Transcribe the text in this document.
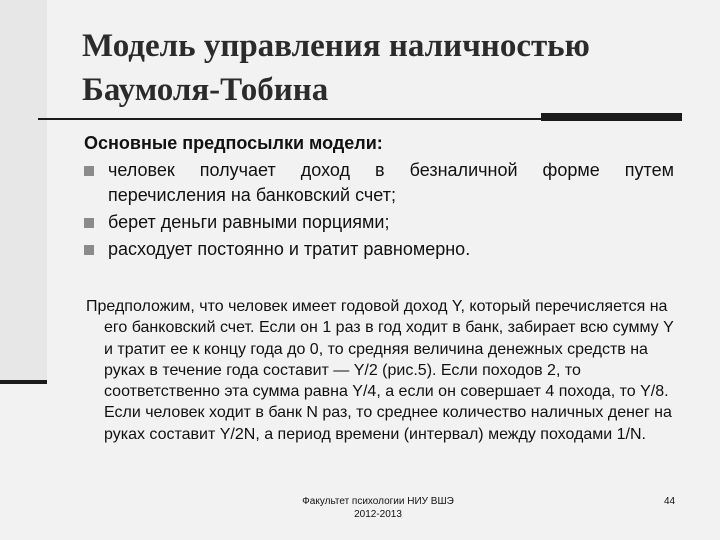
Модель управления наличностью
Баумоля-Тобина
Основные предпосылки модели:
человек получает доход в безналичной форме путем перечисления на банковский счет;
берет деньги равными порциями;
расходует постоянно и тратит равномерно.
Предположим, что человек имеет годовой доход Y, который перечисляется на его банковский счет. Если он 1 раз в год ходит в банк, забирает всю сумму Y и тратит ее к концу года до 0, то средняя величина денежных средств на руках в течение года составит — Y/2 (рис.5). Если походов 2, то соответственно эта сумма равна Y/4, а если он совершает 4 похода, то Y/8. Если человек ходит в банк N раз, то среднее количество наличных денег на руках составит Y/2N, а период времени (интервал) между походами 1/N.
Факультет психологии НИУ ВШЭ
2012-2013
44
